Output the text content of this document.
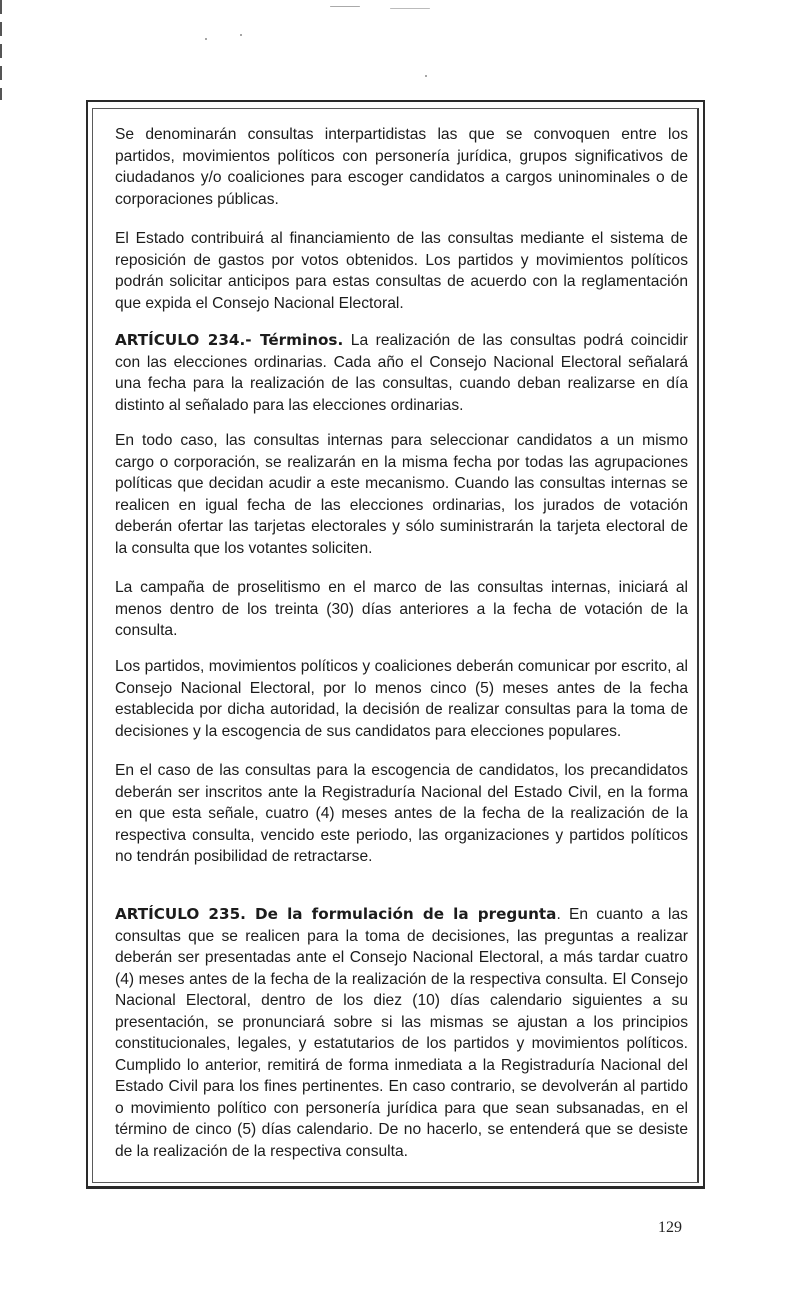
Se denominarán consultas interpartidistas las que se convoquen entre los partidos, movimientos políticos con personería jurídica, grupos significativos de ciudadanos y/o coaliciones para escoger candidatos a cargos uninominales o de corporaciones públicas.

El Estado contribuirá al financiamiento de las consultas mediante el sistema de reposición de gastos por votos obtenidos. Los partidos y movimientos políticos podrán solicitar anticipos para estas consultas de acuerdo con la reglamentación que expida el Consejo Nacional Electoral.

ARTÍCULO 234.- Términos. La realización de las consultas podrá coincidir con las elecciones ordinarias. Cada año el Consejo Nacional Electoral señalará una fecha para la realización de las consultas, cuando deban realizarse en día distinto al señalado para las elecciones ordinarias.

En todo caso, las consultas internas para seleccionar candidatos a un mismo cargo o corporación, se realizarán en la misma fecha por todas las agrupaciones políticas que decidan acudir a este mecanismo. Cuando las consultas internas se realicen en igual fecha de las elecciones ordinarias, los jurados de votación deberán ofertar las tarjetas electorales y sólo suministrarán la tarjeta electoral de la consulta que los votantes soliciten.

La campaña de proselitismo en el marco de las consultas internas, iniciará al menos dentro de los treinta (30) días anteriores a la fecha de votación de la consulta.

Los partidos, movimientos políticos y coaliciones deberán comunicar por escrito, al Consejo Nacional Electoral, por lo menos cinco (5) meses antes de la fecha establecida por dicha autoridad, la decisión de realizar consultas para la toma de decisiones y la escogencia de sus candidatos para elecciones populares.

En el caso de las consultas para la escogencia de candidatos, los precandidatos deberán ser inscritos ante la Registraduría Nacional del Estado Civil, en la forma en que esta señale, cuatro (4) meses antes de la fecha de la realización de la respectiva consulta, vencido este periodo, las organizaciones y partidos políticos no tendrán posibilidad de retractarse.

ARTÍCULO 235. De la formulación de la pregunta. En cuanto a las consultas que se realicen para la toma de decisiones, las preguntas a realizar deberán ser presentadas ante el Consejo Nacional Electoral, a más tardar cuatro (4) meses antes de la fecha de la realización de la respectiva consulta. El Consejo Nacional Electoral, dentro de los diez (10) días calendario siguientes a su presentación, se pronunciará sobre si las mismas se ajustan a los principios constitucionales, legales, y estatutarios de los partidos y movimientos políticos. Cumplido lo anterior, remitirá de forma inmediata a la Registraduría Nacional del Estado Civil para los fines pertinentes. En caso contrario, se devolverán al partido o movimiento político con personería jurídica para que sean subsanadas, en el término de cinco (5) días calendario. De no hacerlo, se entenderá que se desiste de la realización de la respectiva consulta.

129
